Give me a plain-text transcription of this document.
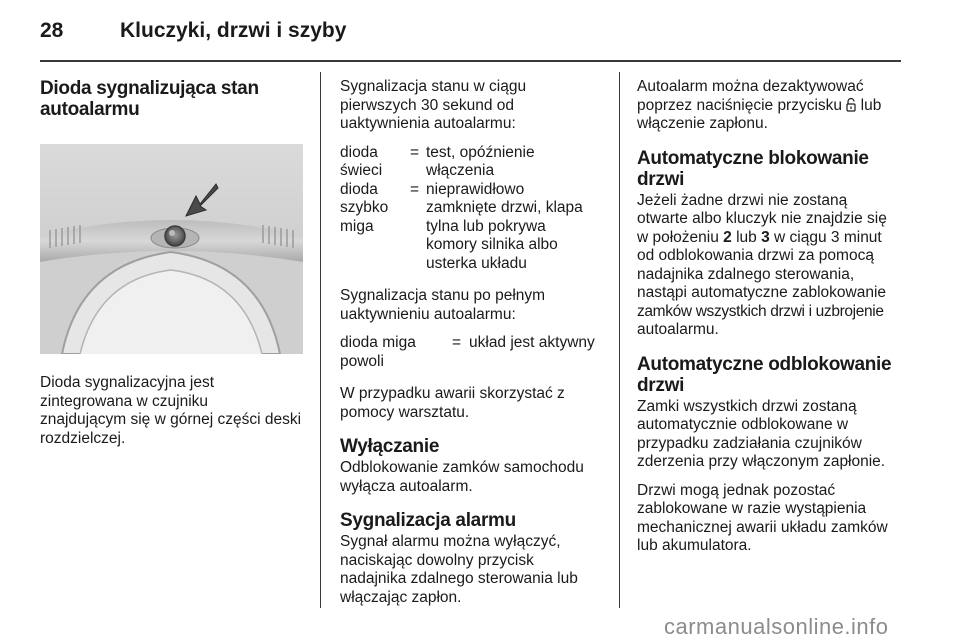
28	Kluczyki, drzwi i szyby
Dioda sygnalizująca stan
autoalarmu
Dioda sygnalizacyjna jest
zintegrowana w czujniku
znajdującym się w górnej części deski
rozdzielczej.

Sygnalizacja stanu w ciągu
pierwszych 30 sekund od
uaktywnienia autoalarmu:

dioda
świeci
= test, opóźnienie
włączenia
dioda
szybko
miga
= nieprawidłowo
zamknięte drzwi, klapa
tylna lub pokrywa
komory silnika albo
usterka układu

Sygnalizacja stanu po pełnym
uaktywnieniu autoalarmu:

dioda miga
powoli
= układ jest aktywny

W przypadku awarii skorzystać z
pomocy warsztatu.

Wyłączanie

Odblokowanie zamków samochodu
wyłącza autoalarm.

Sygnalizacja alarmu

Sygnał alarmu można wyłączyć,
naciskając dowolny przycisk
nadajnika zdalnego sterowania lub
włączając zapłon.

Autoalarm można dezaktywować
poprzez naciśnięcie przycisku lub
włączenie zapłonu.

Automatyczne blokowanie
drzwi

Jeżeli żadne drzwi nie zostaną
otwarte albo kluczyk nie znajdzie się
w położeniu 2 lub 3 w ciągu 3 minut
od odblokowania drzwi za pomocą
nadajnika zdalnego sterowania,
nastąpi automatyczne zablokowanie
zamków wszystkich drzwi i uzbrojenie
autoalarmu.

Automatyczne odblokowanie
drzwi

Zamki wszystkich drzwi zostaną
automatycznie odblokowane w
przypadku zadziałania czujników
zderzenia przy włączonym zapłonie.

Drzwi mogą jednak pozostać
zablokowane w razie wystąpienia
mechanicznej awarii układu zamków
lub akumulatora.

carmanualsonline.info
